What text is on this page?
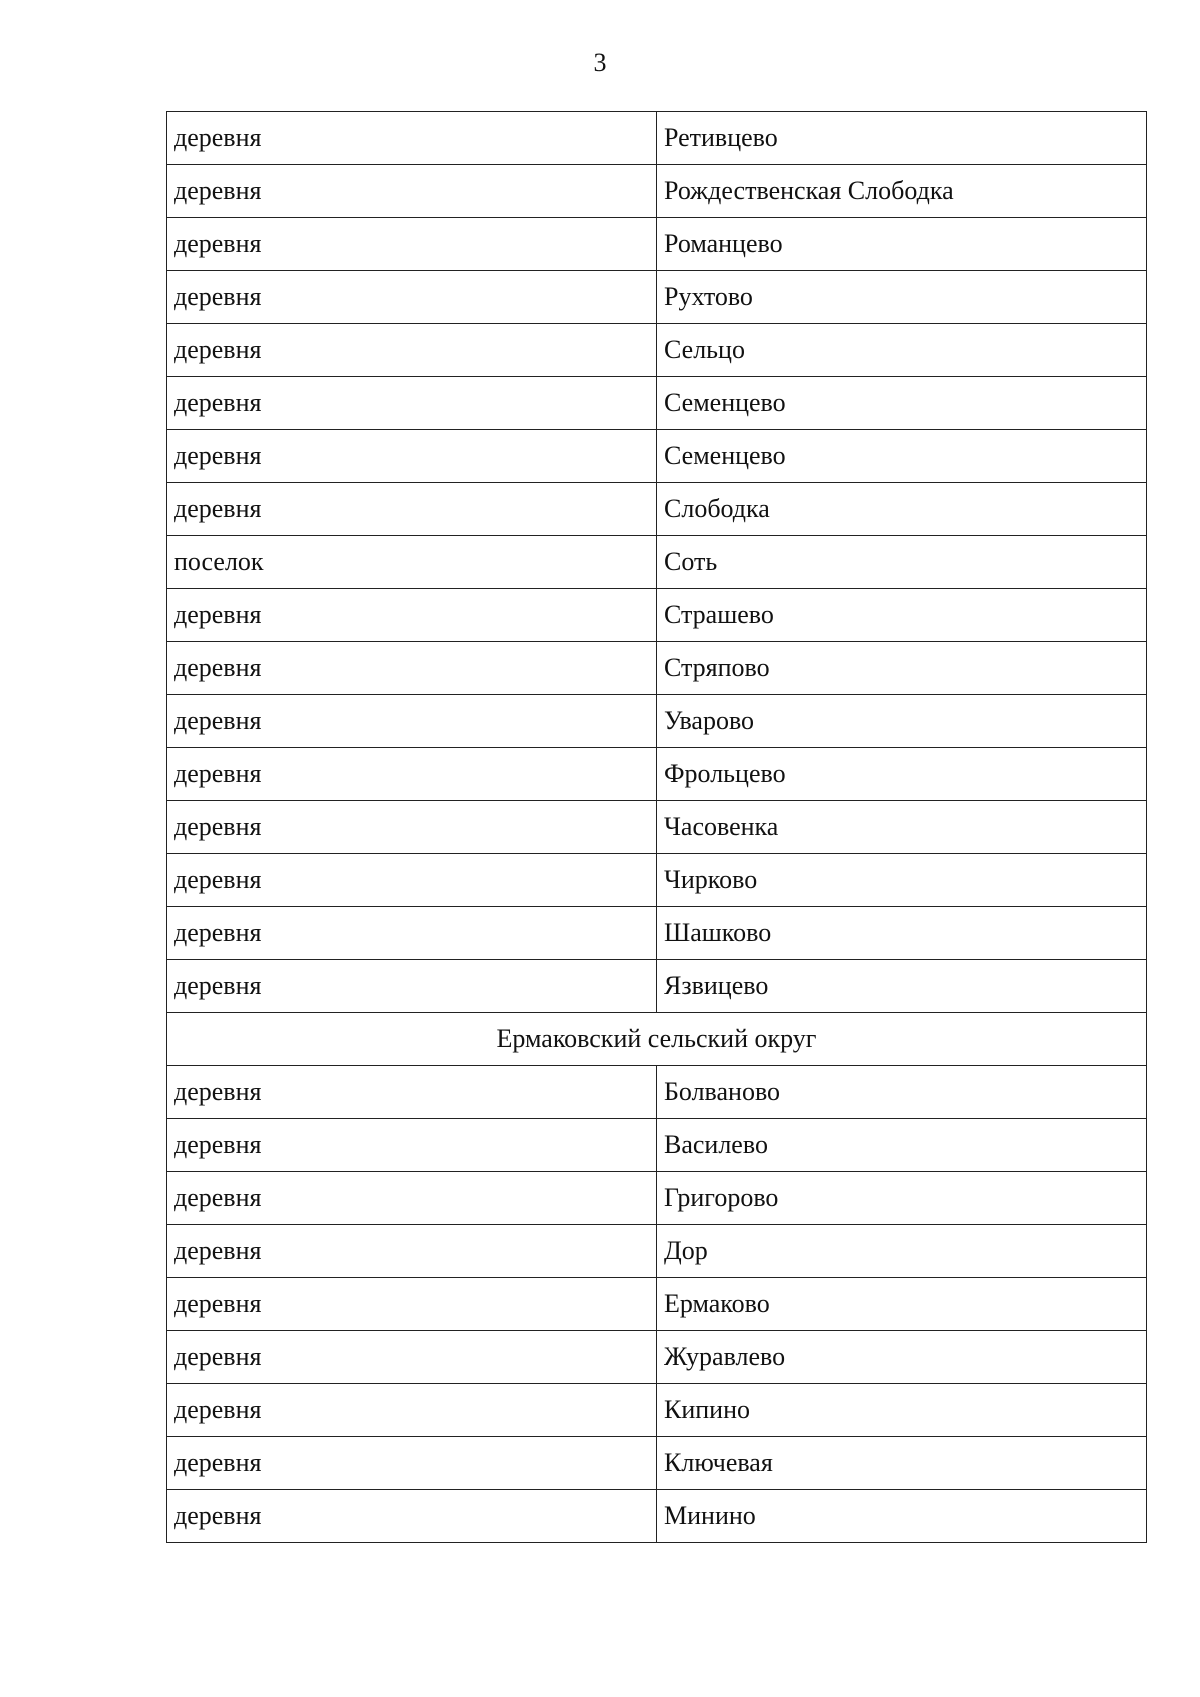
3
деревня	Ретивцево
деревня	Рождественская Слободка
деревня	Романцево
деревня	Рухтово
деревня	Сельцо
деревня	Семенцево
деревня	Семенцево
деревня	Слободка
поселок	Соть
деревня	Страшево
деревня	Стряпово
деревня	Уварово
деревня	Фрольцево
деревня	Часовенка
деревня	Чирково
деревня	Шашково
деревня	Язвицево
Ермаковский сельский округ	
деревня	Болваново
деревня	Василево
деревня	Григорово
деревня	Дор
деревня	Ермаково
деревня	Журавлево
деревня	Кипино
деревня	Ключевая
деревня	Минино
